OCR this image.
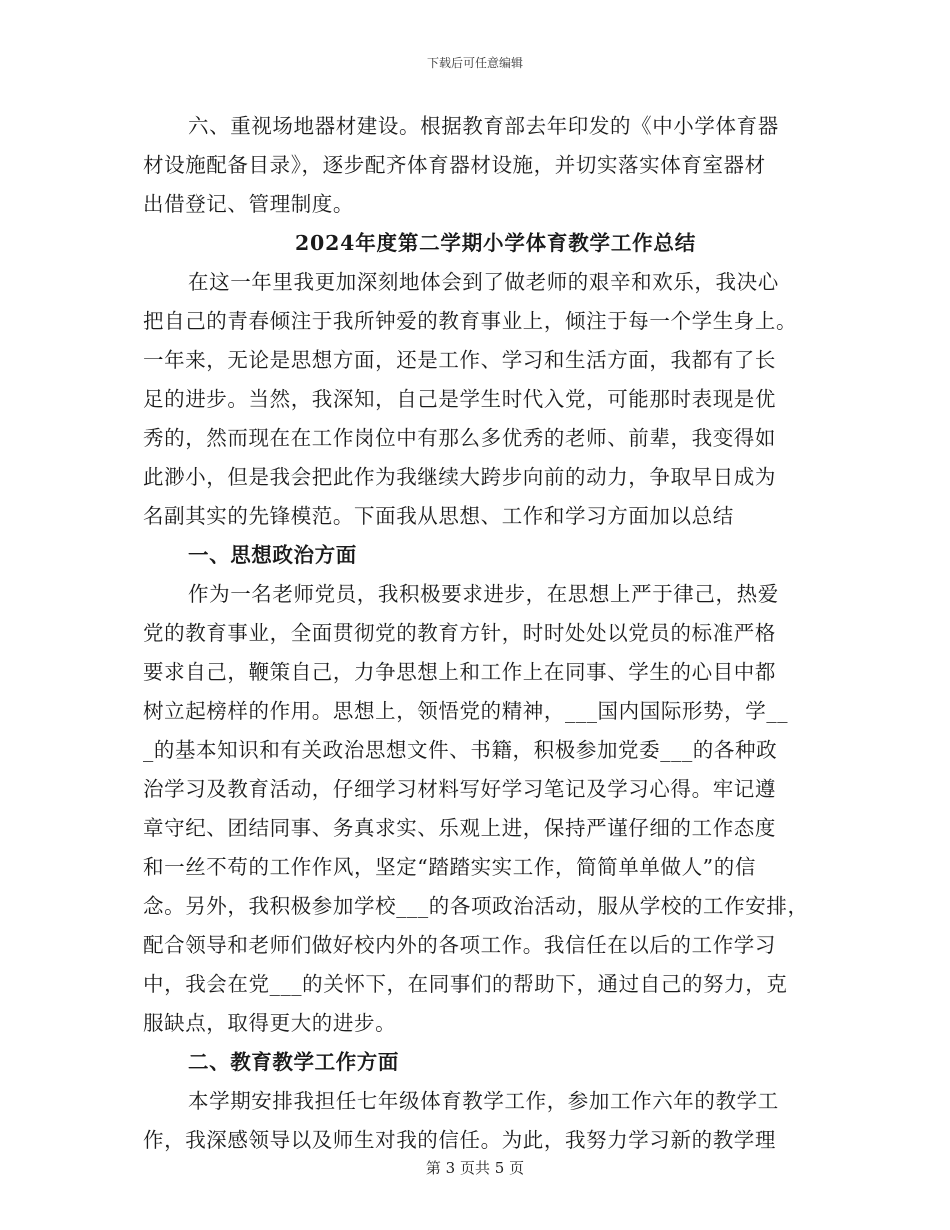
下载后可任意编辑
六、重视场地器材建设。根据教育部去年印发的《中小学体育器
材设施配备目录》，逐步配齐体育器材设施，并切实落实体育室器材
出借登记、管理制度。
2024年度第二学期小学体育教学工作总结
在这一年里我更加深刻地体会到了做老师的艰辛和欢乐，我决心
把自己的青春倾注于我所钟爱的教育事业上，倾注于每一个学生身上。
一年来，无论是思想方面，还是工作、学习和生活方面，我都有了长
足的进步。当然，我深知，自己是学生时代入党，可能那时表现是优
秀的，然而现在在工作岗位中有那么多优秀的老师、前辈，我变得如
此渺小，但是我会把此作为我继续大跨步向前的动力，争取早日成为
名副其实的先锋模范。下面我从思想、工作和学习方面加以总结
一、思想政治方面
作为一名老师党员，我积极要求进步，在思想上严于律己，热爱
党的教育事业，全面贯彻党的教育方针，时时处处以党员的标准严格
要求自己，鞭策自己，力争思想上和工作上在同事、学生的心目中都
树立起榜样的作用。思想上，领悟党的精神，___国内国际形势，学__
_的基本知识和有关政治思想文件、书籍，积极参加党委___的各种政
治学习及教育活动，仔细学习材料写好学习笔记及学习心得。牢记遵
章守纪、团结同事、务真求实、乐观上进，保持严谨仔细的工作态度
和一丝不苟的工作作风，坚定“踏踏实实工作，简简单单做人”的信
念。另外，我积极参加学校___的各项政治活动，服从学校的工作安排，
配合领导和老师们做好校内外的各项工作。我信任在以后的工作学习
中，我会在党___的关怀下，在同事们的帮助下，通过自己的努力，克
服缺点，取得更大的进步。
二、教育教学工作方面
本学期安排我担任七年级体育教学工作，参加工作六年的教学工
作，我深感领导以及师生对我的信任。为此，我努力学习新的教学理
第 3 页共 5 页
